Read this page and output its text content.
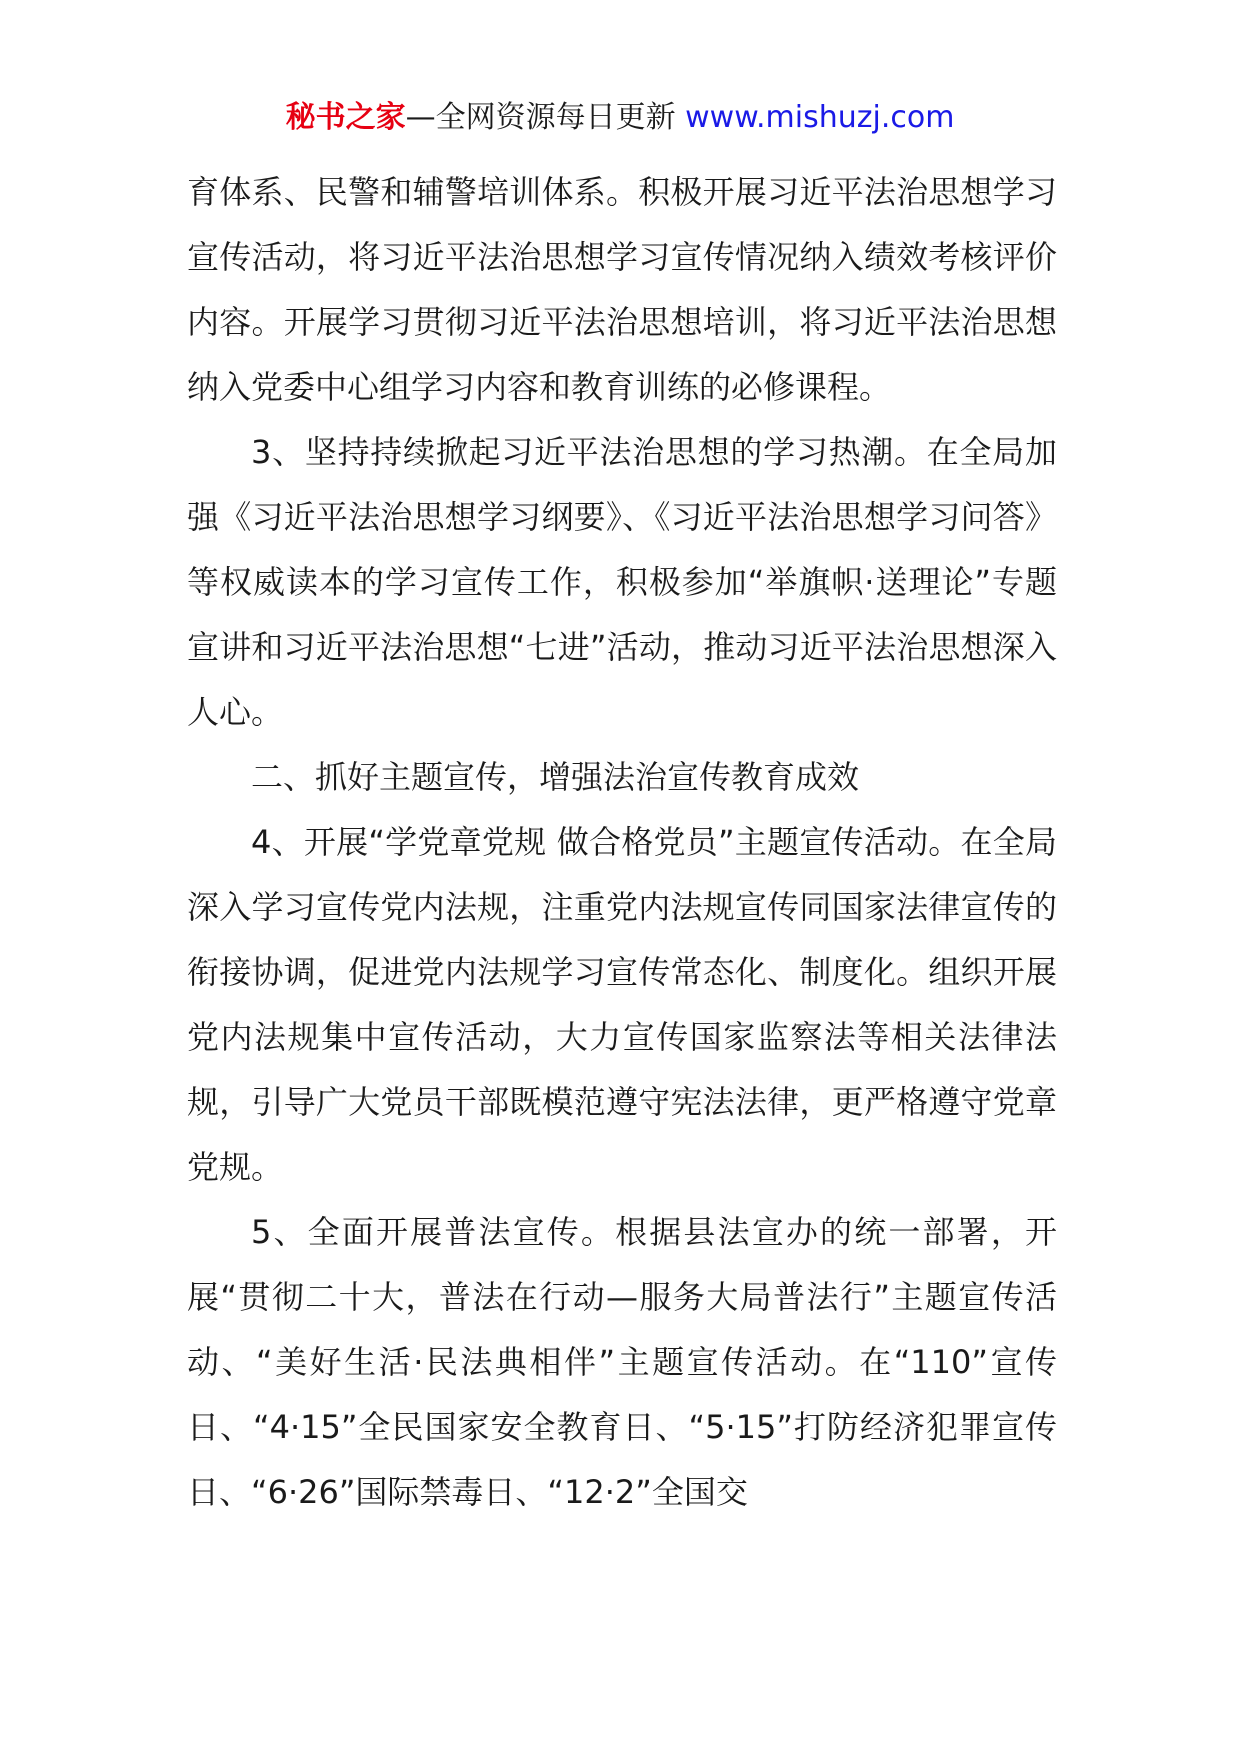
秘书之家—全网资源每日更新 www.mishuzj.com

育体系、民警和辅警培训体系。积极开展习近平法治思想学习宣传活动，将习近平法治思想学习宣传情况纳入绩效考核评价内容。开展学习贯彻习近平法治思想培训，将习近平法治思想纳入党委中心组学习内容和教育训练的必修课程。

3、坚持持续掀起习近平法治思想的学习热潮。在全局加强《习近平法治思想学习纲要》、《习近平法治思想学习问答》等权威读本的学习宣传工作，积极参加“举旗帜·送理论”专题宣讲和习近平法治思想“七进”活动，推动习近平法治思想深入人心。

二、抓好主题宣传，增强法治宣传教育成效

4、开展“学党章党规 做合格党员”主题宣传活动。在全局深入学习宣传党内法规，注重党内法规宣传同国家法律宣传的衔接协调，促进党内法规学习宣传常态化、制度化。组织开展党内法规集中宣传活动，大力宣传国家监察法等相关法律法规，引导广大党员干部既模范遵守宪法法律，更严格遵守党章党规。

5、全面开展普法宣传。根据县法宣办的统一部署，开展“贯彻二十大，普法在行动—服务大局普法行”主题宣传活动、“美好生活·民法典相伴”主题宣传活动。在“110”宣传日、“4·15”全民国家安全教育日、“5·15”打防经济犯罪宣传日、“6·26”国际禁毒日、“12·2”全国交
